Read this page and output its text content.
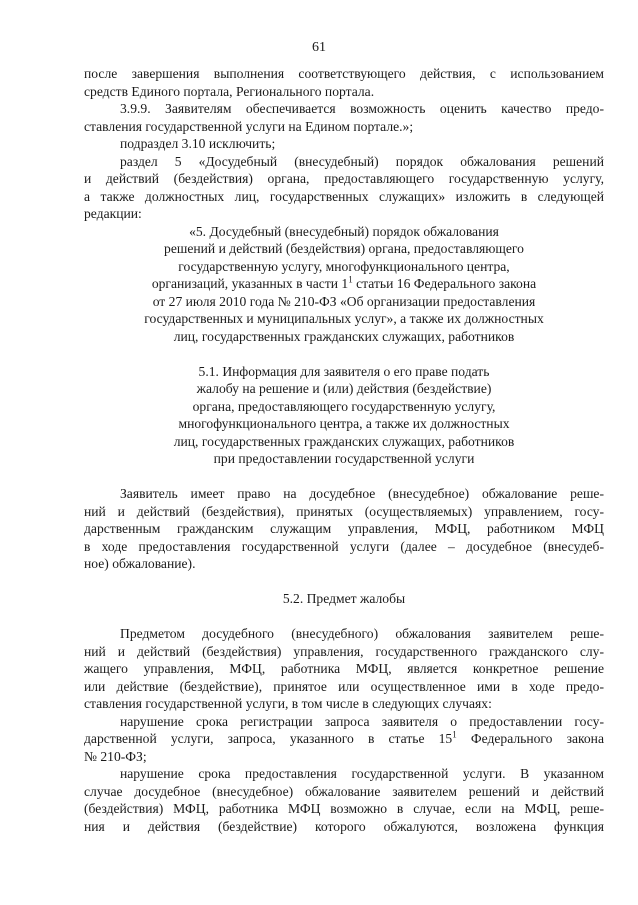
61
после завершения выполнения соответствующего действия, с использованием
средств Единого портала, Регионального портала.
3.9.9. Заявителям обеспечивается возможность оценить качество предо-
ставления государственной услуги на Едином портале.»;
подраздел 3.10 исключить;
раздел 5 «Досудебный (внесудебный) порядок обжалования решений
и действий (бездействия) органа, предоставляющего государственную услугу,
а также должностных лиц, государственных служащих» изложить в следующей
редакции:
«5. Досудебный (внесудебный) порядок обжалования
решений и действий (бездействия) органа, предоставляющего
государственную услугу, многофункционального центра,
организаций, указанных в части $1^1$ статьи 16 Федерального закона
от 27 июля 2010 года № 210-ФЗ «Об организации предоставления
государственных и муниципальных услуг», а также их должностных
лиц, государственных гражданских служащих, работников
5.1. Информация для заявителя о его праве подать
жалобу на решение и (или) действия (бездействие)
органа, предоставляющего государственную услугу,
многофункционального центра, а также их должностных
лиц, государственных гражданских служащих, работников
при предоставлении государственной услуги
Заявитель имеет право на досудебное (внесудебное) обжалование реше-
ний и действий (бездействия), принятых (осуществляемых) управлением, госу-
дарственным гражданским служащим управления, МФЦ, работником МФЦ
в ходе предоставления государственной услуги (далее – досудебное (внесудеб-
ное) обжалование).
5.2. Предмет жалобы
Предметом досудебного (внесудебного) обжалования заявителем реше-
ний и действий (бездействия) управления, государственного гражданского слу-
жащего управления, МФЦ, работника МФЦ, является конкретное решение
или действие (бездействие), принятое или осуществленное ими в ходе предо-
ставления государственной услуги, в том числе в следующих случаях:
нарушение срока регистрации запроса заявителя о предоставлении госу-
дарственной услуги, запроса, указанного в статье $15^1$ Федерального закона
№ 210-ФЗ;
нарушение срока предоставления государственной услуги. В указанном
случае досудебное (внесудебное) обжалование заявителем решений и действий
(бездействия) МФЦ, работника МФЦ возможно в случае, если на МФЦ, реше-
ния и действия (бездействие) которого обжалуются, возложена функция
